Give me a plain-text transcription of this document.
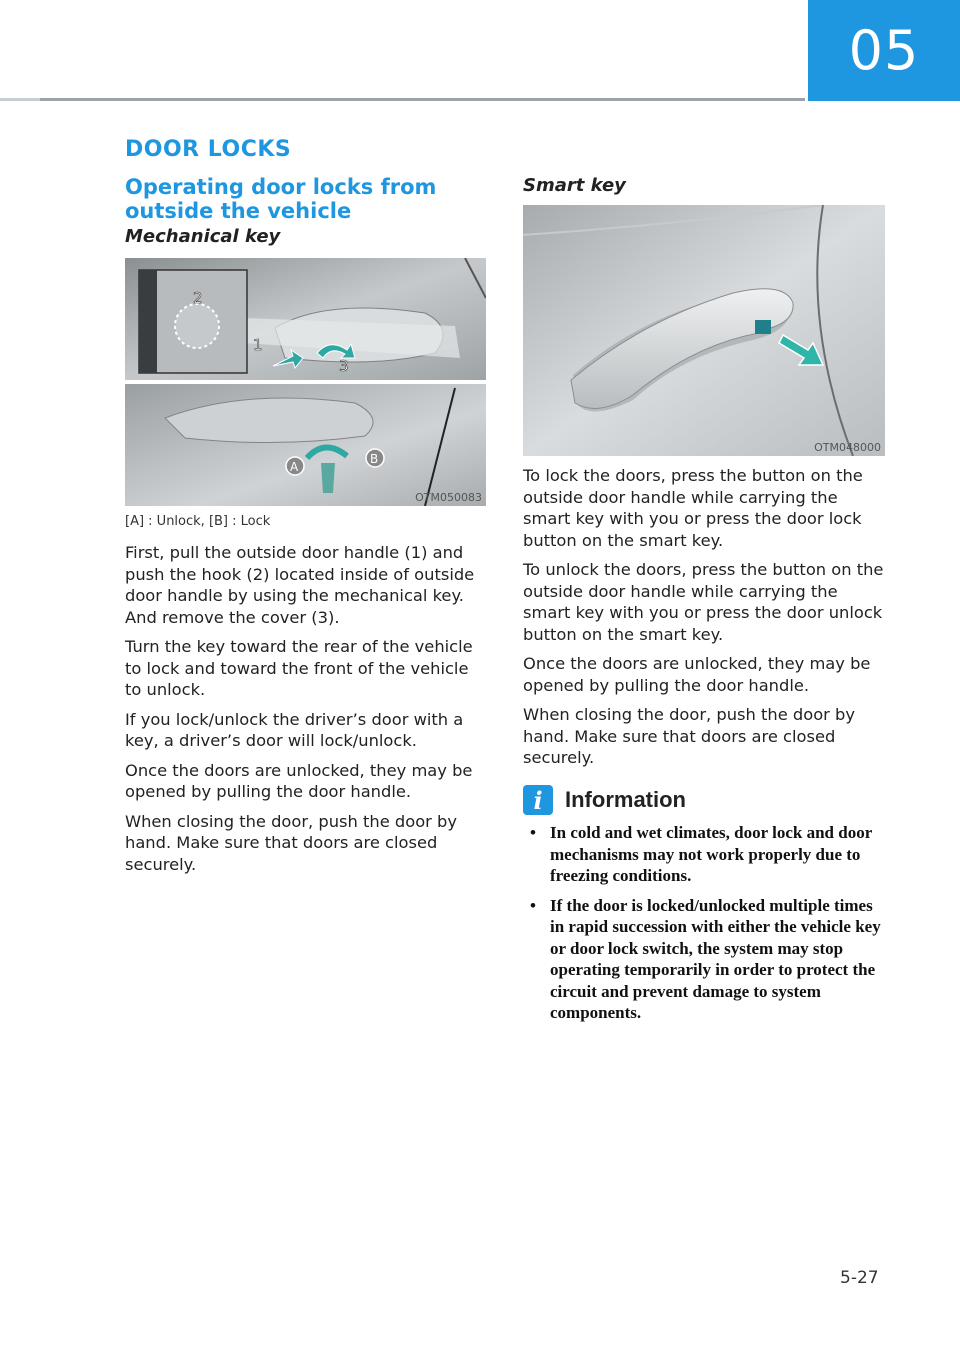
05
DOOR LOCKS
Operating door locks from outside the vehicle
Mechanical key
2
1
3
A
B
OTM050083
[A] : Unlock, [B] : Lock

First, pull the outside door handle (1) and push the hook (2) located inside of outside door handle by using the mechanical key. And remove the cover (3).

Turn the key toward the rear of the vehicle to lock and toward the front of the vehicle to unlock.

If you lock/unlock the driver’s door with a key, a driver’s door will lock/unlock.

Once the doors are unlocked, they may be opened by pulling the door handle.

When closing the door, push the door by hand. Make sure that doors are closed securely.

Smart key
OTM048000

To lock the doors, press the button on the outside door handle while carrying the smart key with you or press the door lock button on the smart key.

To unlock the doors, press the button on the outside door handle while carrying the smart key with you or press the door unlock button on the smart key.

Once the doors are unlocked, they may be opened by pulling the door handle.

When closing the door, push the door by hand. Make sure that doors are closed securely.

i	Information
• In cold and wet climates, door lock and door mechanisms may not work properly due to freezing conditions.
• If the door is locked/unlocked multiple times in rapid succession with either the vehicle key or door lock switch, the system may stop operating temporarily in order to protect the circuit and prevent damage to system components.
5-27
